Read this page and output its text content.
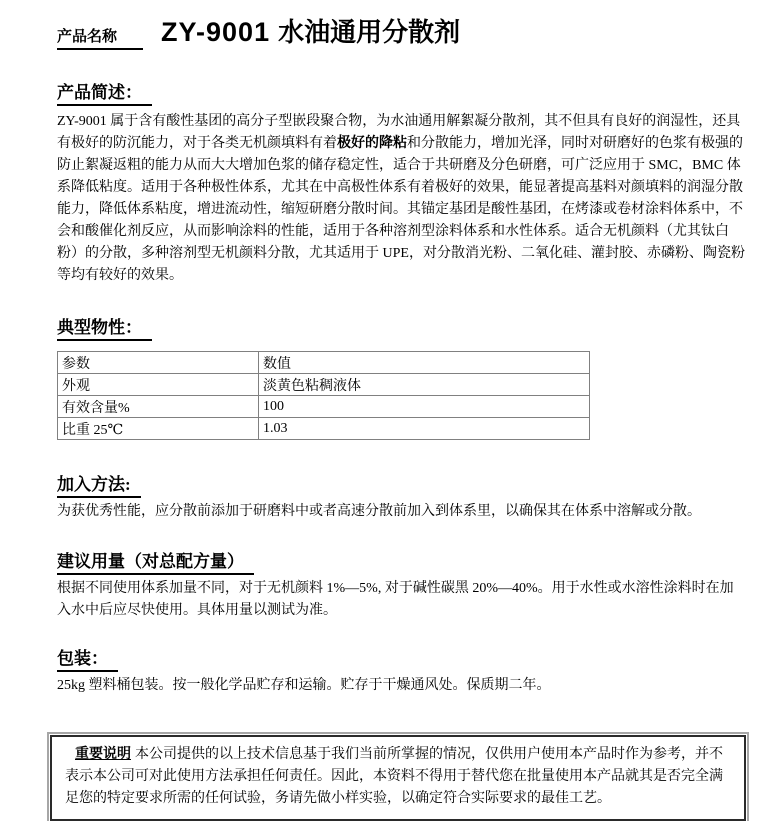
产品名称	ZY-9001 水油通用分散剂
产品简述：
ZY-9001 属于含有酸性基团的高分子型嵌段聚合物，为水油通用解絮凝分散剂，其不但具有良好的润湿性，还具有极好的防沉能力，对于各类无机颜填料有着极好的降粘和分散能力，增加光泽，同时对研磨好的色浆有极强的防止絮凝返粗的能力从而大大增加色浆的储存稳定性，适合于共研磨及分色研磨，可广泛应用于 SMC，BMC 体系降低粘度。适用于各种极性体系，尤其在中高极性体系有着极好的效果，能显著提高基料对颜填料的润湿分散能力，降低体系粘度，增进流动性，缩短研磨分散时间。其锚定基团是酸性基团，在烤漆或卷材涂料体系中，不会和酸催化剂反应，从而影响涂料的性能，适用于各种溶剂型涂料体系和水性体系。适合无机颜料（尤其钛白粉）的分散，多种溶剂型无机颜料分散，尤其适用于 UPE，对分散消光粉、二氧化硅、灌封胶、赤磷粉、陶瓷粉等均有较好的效果。
典型物性：
参数	数值
外观	淡黄色粘稠液体
有效含量%	100
比重 25℃	1.03
加入方法:
为获优秀性能，应分散前添加于研磨料中或者高速分散前加入到体系里，以确保其在体系中溶解或分散。
建议用量（对总配方量）
根据不同使用体系加量不同，对于无机颜料 1%—5%, 对于碱性碳黑 20%—40%。用于水性或水溶性涂料时在加入水中后应尽快使用。具体用量以测试为准。
包装：
25kg 塑料桶包装。按一般化学品贮存和运输。贮存于干燥通风处。保质期二年。
重要说明 本公司提供的以上技术信息基于我们当前所掌握的情况，仅供用户使用本产品时作为参考，并不表示本公司可对此使用方法承担任何责任。因此，本资料不得用于替代您在批量使用本产品就其是否完全满足您的特定要求所需的任何试验，务请先做小样实验，以确定符合实际要求的最佳工艺。
